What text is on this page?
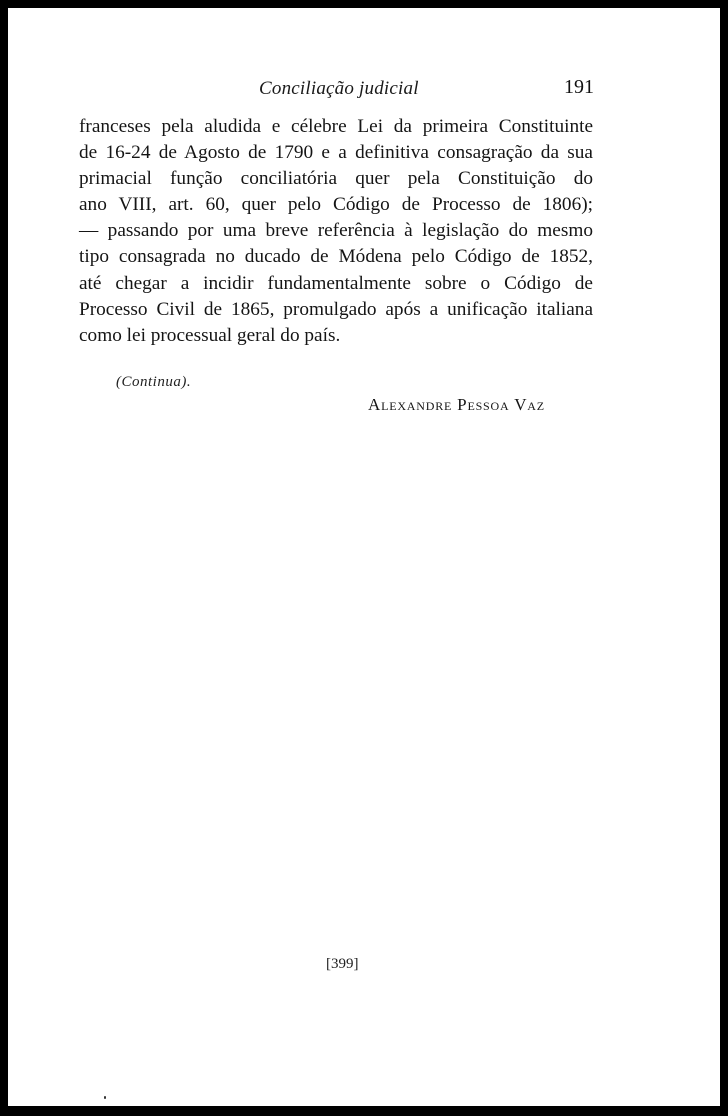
Conciliação judicial	191
franceses pela aludida e célebre Lei da primeira Constituinte
de 16-24 de Agosto de 1790 e a definitiva consagração da sua
primacial função conciliatória quer pela Constituição do
ano VIII, art. 60, quer pelo Código de Processo de 1806);
— passando por uma breve referência à legislação do mesmo
tipo consagrada no ducado de Módena pelo Código de 1852,
até chegar a incidir fundamentalmente sobre o Código de
Processo Civil de 1865, promulgado após a unificação italiana
como lei processual geral do país.
(Continua).
Alexandre Pessoa Vaz
[399]
